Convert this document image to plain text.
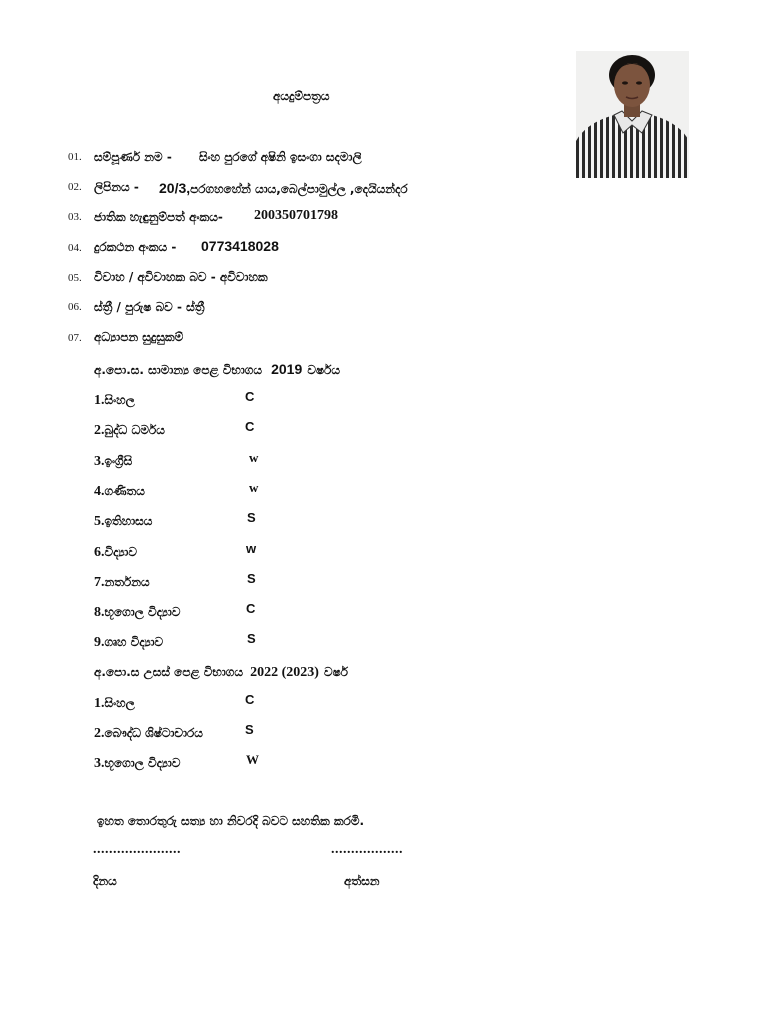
අයදුම්පත්‍රය
01. සම්පූර්ණ නම - සිංහ පුරගේ අෂිනි ඉසංගා සදමාලි
02. ලිපිනය - 20/3,පරගහහේන් යාය,බෙල්පාමුල්ල ,දෙයියන්දර
03. ජාතික හැඳුනුම්පත් අංකය- 200350701798
04. දුරකථන අංකය - 0773418028
05. විවාහ / අවිවාහක බව - අවිවාහක
06. ස්ත්‍රී / පුරුෂ බව - ස්ත්‍රී
07. අධ්‍යාපන සුදුසුකම්
අ.පො.ස. සාමාන්‍ය පෙළ විභාගය 2019 වර්ෂය
1.සිංහල	C
2.බුද්ධ ධර්මය	C
3.ඉංග්‍රීසි	w
4.ගණිතය	w
5.ඉතිහාසය	S
6.විද්‍යාව	w
7.නර්තනය	S
8.භූගොල විද්‍යාව	C
9.ගෘහ විද්‍යාව	S
අ.පො.ස උසස් පෙළ විභාගය 2022 (2023) වර්ෂ
1.සිංහල	C
2.බෞද්ධ ශිෂ්ටාචාරය	S
3.භූගොල විද්‍යාව	W
ඉහත තොරතුරු සත්‍ය හා නිවරදි බවට සහතික කරමි.
......................	..................
දිනය	අත්සන
